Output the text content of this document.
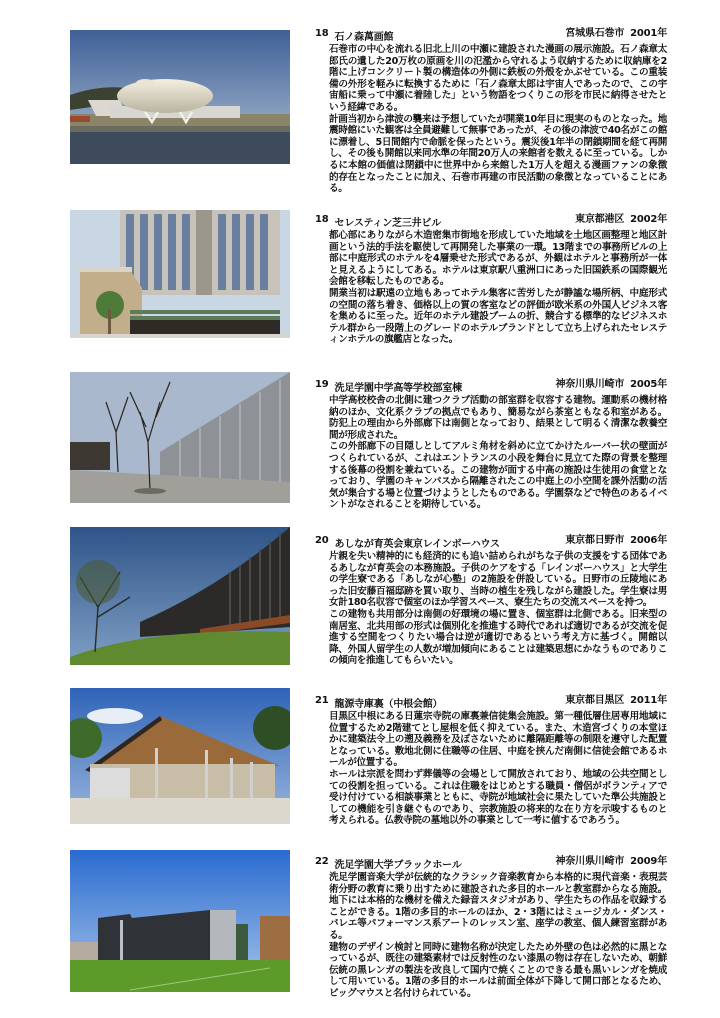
18 石ノ森萬画館	宮城県石巻市 2001年

石巻市の中心を流れる旧北上川の中瀬に建設された漫画の展示施設。石ノ森章太郎氏の遺した20万枚の原画を川の氾濫から守れるよう収納するために収納庫を2階に上げコンクリート製の構造体の外側に鉄板の外殻をかぶせている。この重装備の外形を軽みに転換するために「石ノ森章太郎は宇宙人であったので、この宇宙船に乗って中瀬に着陸した」という物語をつくりこの形を市民に納得させたという経緯である。

計画当初から津波の襲来は予想していたが開業10年目に現実のものとなった。地震時館にいた観客は全員避難して無事であったが、その後の津波で40名がこの館に漂着し、5日間館内で命脈を保ったという。震災後1年半の閉鎖期間を経て再開し、その後も開館以来同水準の年間20万人の来館者を数えるに至っている。しかるに本館の価値は閉鎖中に世界中から来館した1万人を超える漫画ファンの象徴的存在となったことに加え、石巻市再建の市民活動の象徴となっていることにある。

18 セレスティン芝三井ビル	東京都港区 2002年

都心部にありながら木造密集市街地を形成していた地域を土地区画整理と地区計画という法的手法を駆使して再開発した事業の一環。13階までの事務所ビルの上部に中庭形式のホテルを4層乗せた形式であるが、外観はホテルと事務所が一体と見えるようにしてある。ホテルは東京駅八重洲口にあった旧国鉄系の国際観光会館を移転したものである。

開業当初は駅遠の立地もあってホテル集客に苦労したが静謐な場所柄、中庭形式の空間の落ち着き、価格以上の質の客室などの評価が欧米系の外国人ビジネス客を集めるに至った。近年のホテル建設ブームの折、競合する標準的なビジネスホテル群から一段階上のグレードのホテルブランドとして立ち上げられたセレスティンホテルの旗艦店となった。

19 洗足学園中学高等学校部室棟	神奈川県川崎市 2005年

中学高校校舎の北側に建つクラブ活動の部室群を収容する建物。運動系の機材格納のほか、文化系クラブの拠点でもあり、簡易ながら茶室ともなる和室がある。防犯上の理由から外部廊下は南側となっており、結果として明るく清潔な教養空間が形成された。

この外部廊下の目隠しとしてアルミ角材を斜めに立てかけたルーバー状の壁面がつくられているが、これはエントランスの小段を舞台に見立てた際の背景を整理する後幕の役割を兼ねている。この建物が面する中高の施設は生徒用の食堂となっており、学園のキャンパスから隔離されたこの中庭上の小空間を課外活動の活気が集合する場と位置づけようとしたものである。学園祭などで特色のあるイベントがなされることを期待している。

20 あしなが育英会東京レインボーハウス	東京都日野市 2006年

片親を失い精神的にも経済的にも追い詰められがちな子供の支援をする団体であるあしなが育英会の本務施設。子供のケアをする「レインボーハウス」と大学生の学生寮である「あしなが心塾」の2施設を併設している。日野市の丘陵地にあった旧安藤百福邸跡を買い取り、当時の植生を残しながら建設した。学生寮は男女計180名収容で個室のほか学習スペース、寮生たちの交流スペースを持つ。

この建物も共用部分は南側の好環境の場に置き、個室群は北側である。旧来型の南居室、北共用部の形式は個別化を推進する時代であれば適切であるが交流を促進する空間をつくりたい場合は逆が適切であるという考え方に基づく。開館以降、外国人留学生の人数が増加傾向にあることは建築思想にかなうものでありこの傾向を推進してもらいたい。

21 龍源寺庫裏（中根会館）	東京都目黒区 2011年

目黒区中根にある日蓮宗寺院の庫裏兼信徒集会施設。第一種低層住居専用地域に位置するため2階建てとし屋根を低く抑えている。また、木造宮づくりの本堂ほかに建築法令上の遡及義務を及ぼさないために離隔距離等の制限を遵守した配置となっている。敷地北側に住職等の住居、中庭を挟んだ南側に信徒会館であるホールが位置する。

ホールは宗派を問わず葬儀等の会場として開放されており、地域の公共空間としての役割を担っている。これは住職をはじめとする職員・僧侶がボランティアで受け付けている相談事業とともに、寺院が地域社会に果たしていた準公共施設としての機能を引き継ぐものであり、宗教施設の将来的な在り方を示唆するものと考えられる。仏教寺院の墓地以外の事業として一考に値するであろう。

22 洗足学園大学ブラックホール	神奈川県川崎市 2009年

洗足学園音楽大学が伝統的なクラシック音楽教育から本格的に現代音楽・表現芸術分野の教育に乗り出すために建設された多目的ホールと教室群からなる施設。地下には本格的な機材を備えた録音スタジオがあり、学生たちの作品を収録することができる。1階の多目的ホールのほか、2・3階にはミュージカル・ダンス・バレエ等パフォーマンス系アートのレッスン室、座学の教室、個人練習室群がある。

建物のデザイン検討と同時に建物名称が決定したため外壁の色は必然的に黒となっているが、既往の建築素材では反射性のない漆黒の物は存在しないため、朝鮮伝統の黒レンガの製法を改良して国内で焼くことのできる最も黒いレンガを焼成して用いている。1階の多目的ホールは前面全体が下降して開口部となるため、ビッグマウスと名付けられている。
